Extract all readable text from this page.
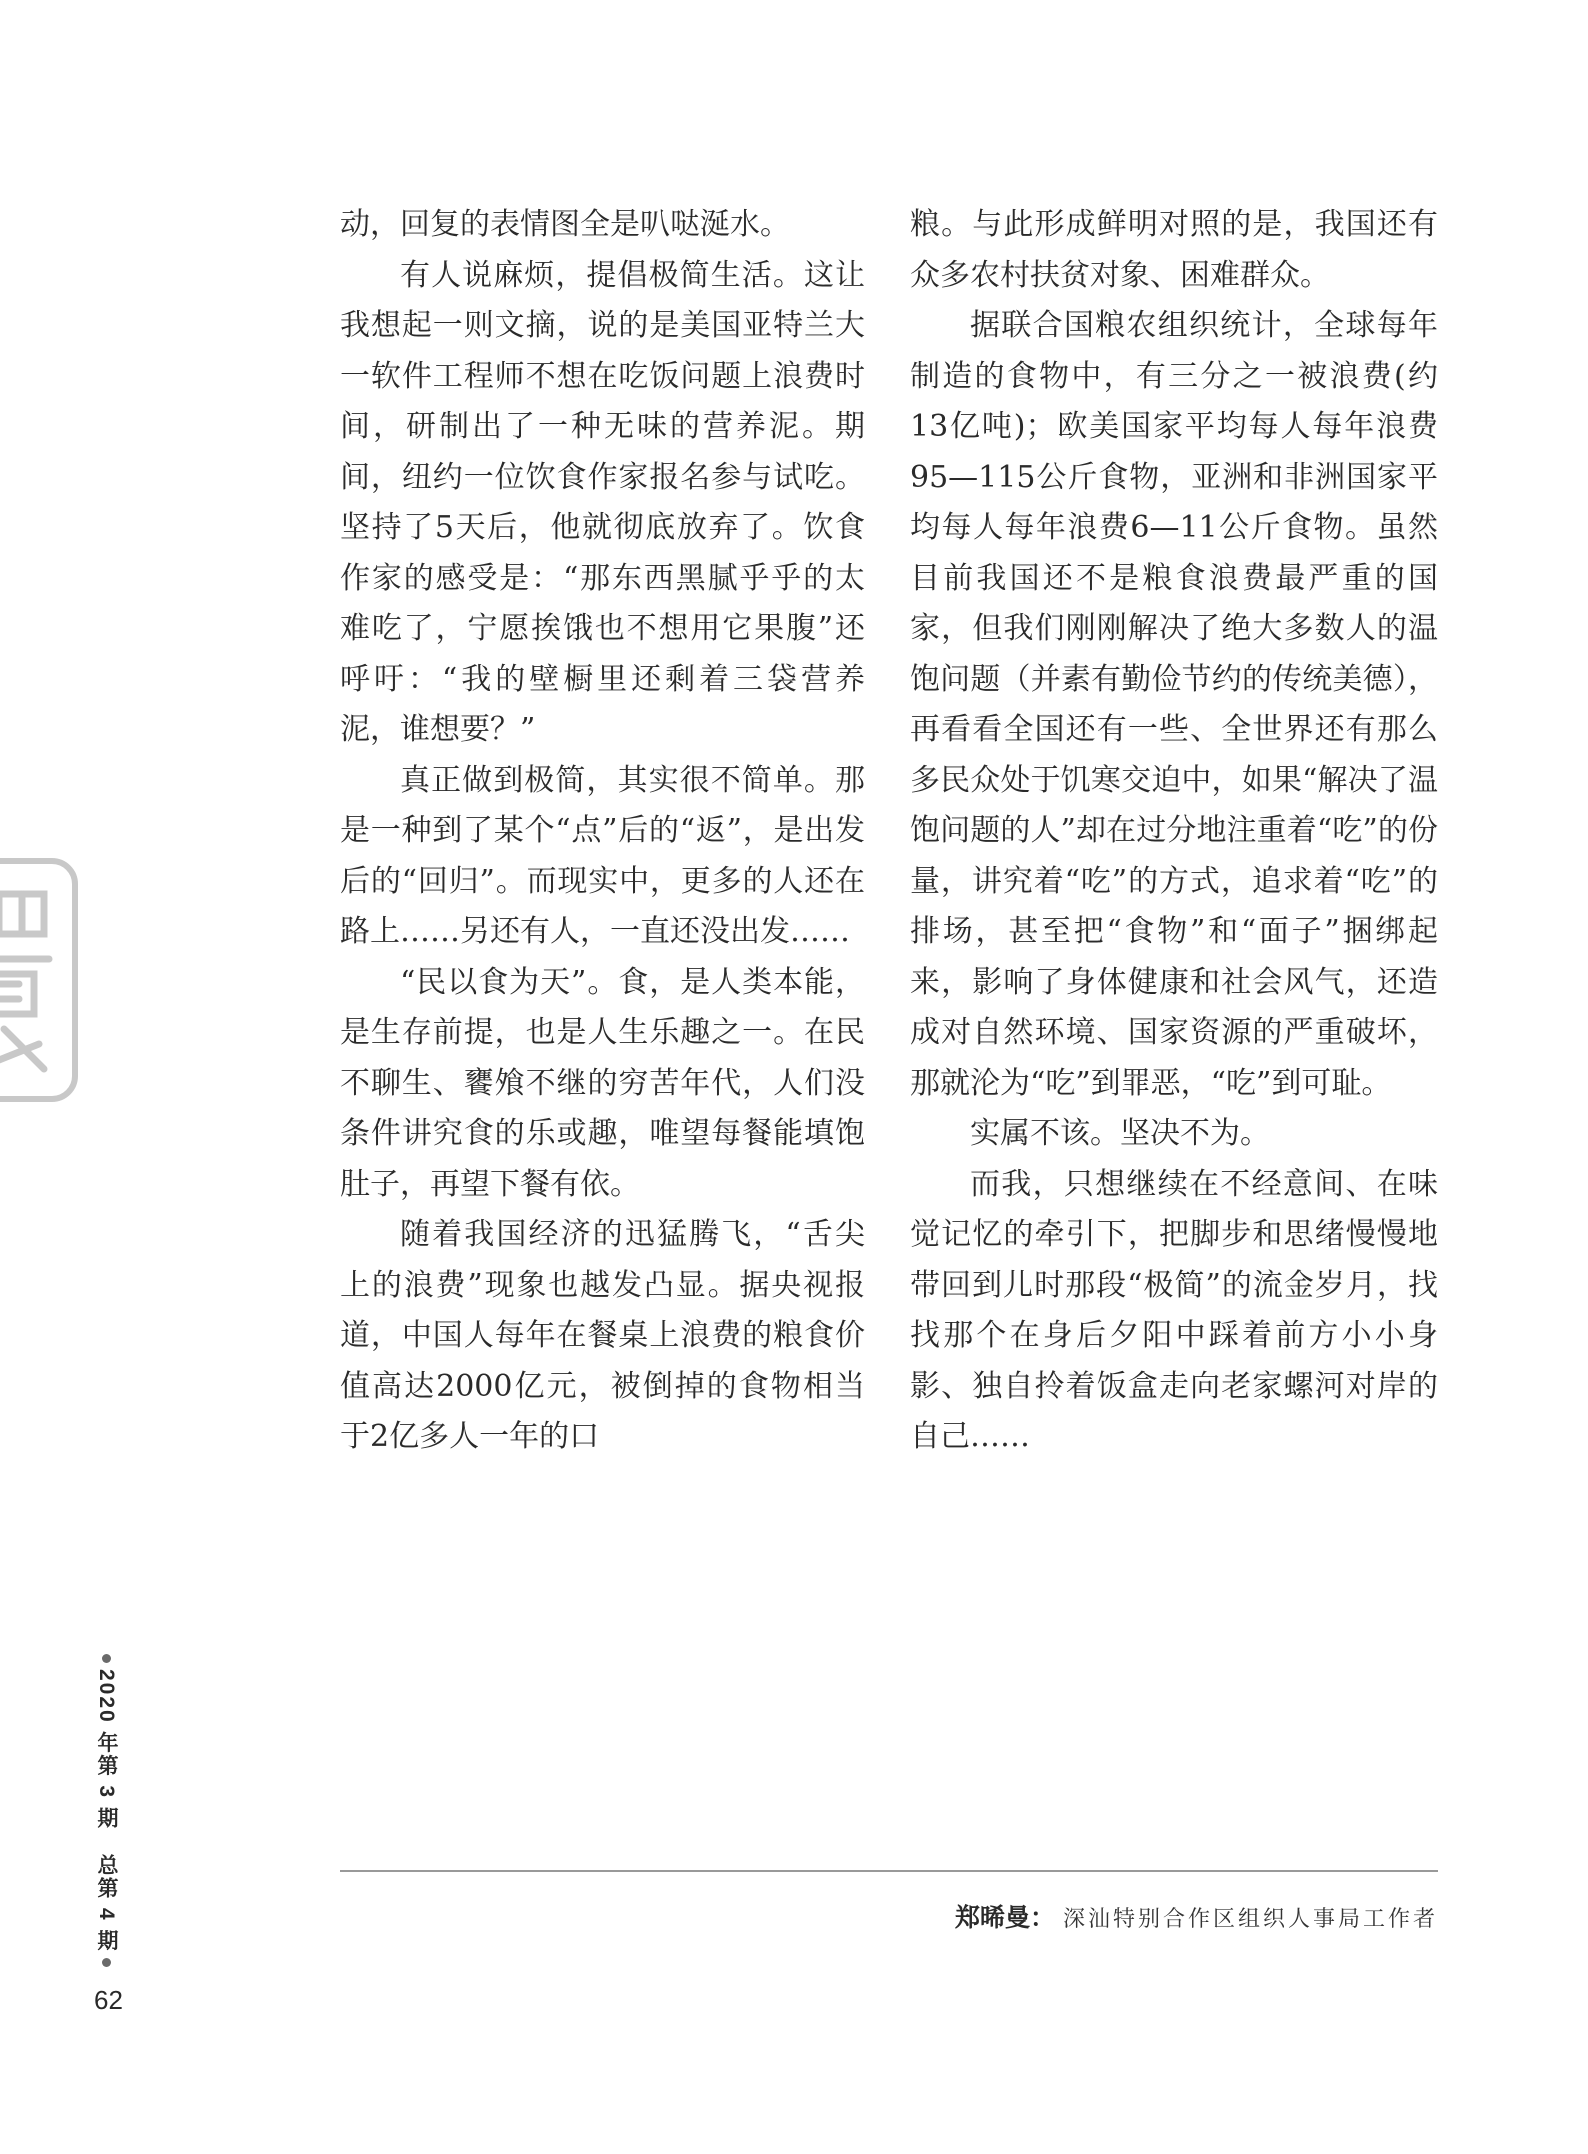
动，回复的表情图全是叭哒涎水。

有人说麻烦，提倡极简生活。这让我想起一则文摘，说的是美国亚特兰大一软件工程师不想在吃饭问题上浪费时间，研制出了一种无味的营养泥。期间，纽约一位饮食作家报名参与试吃。坚持了5天后，他就彻底放弃了。饮食作家的感受是：“那东西黑腻乎乎的太难吃了，宁愿挨饿也不想用它果腹”还呼吁：“我的壁橱里还剩着三袋营养泥，谁想要？”

真正做到极简，其实很不简单。那是一种到了某个“点”后的“返”，是出发后的“回归”。而现实中，更多的人还在路上……另还有人，一直还没出发……

“民以食为天”。食，是人类本能，是生存前提，也是人生乐趣之一。在民不聊生、饔飧不继的穷苦年代，人们没条件讲究食的乐或趣，唯望每餐能填饱肚子，再望下餐有依。

随着我国经济的迅猛腾飞，“舌尖上的浪费”现象也越发凸显。据央视报道，中国人每年在餐桌上浪费的粮食价值高达2000亿元，被倒掉的食物相当于2亿多人一年的口

粮。与此形成鲜明对照的是，我国还有众多农村扶贫对象、困难群众。

据联合国粮农组织统计，全球每年制造的食物中，有三分之一被浪费(约13亿吨)；欧美国家平均每人每年浪费95—115公斤食物，亚洲和非洲国家平均每人每年浪费6—11公斤食物。虽然目前我国还不是粮食浪费最严重的国家，但我们刚刚解决了绝大多数人的温饱问题（并素有勤俭节约的传统美德），再看看全国还有一些、全世界还有那么多民众处于饥寒交迫中，如果“解决了温饱问题的人”却在过分地注重着“吃”的份量，讲究着“吃”的方式，追求着“吃”的排场，甚至把“食物”和“面子”捆绑起来，影响了身体健康和社会风气，还造成对自然环境、国家资源的严重破坏，那就沦为“吃”到罪恶，“吃”到可耻。

实属不该。坚决不为。

而我，只想继续在不经意间、在味觉记忆的牵引下，把脚步和思绪慢慢地带回到儿时那段“极简”的流金岁月，找找那个在身后夕阳中踩着前方小小身影、独自拎着饭盒走向老家螺河对岸的自己……

2020 年第 3 期 总第 4 期
62
郑晞曼： 深汕特别合作区组织人事局工作者
